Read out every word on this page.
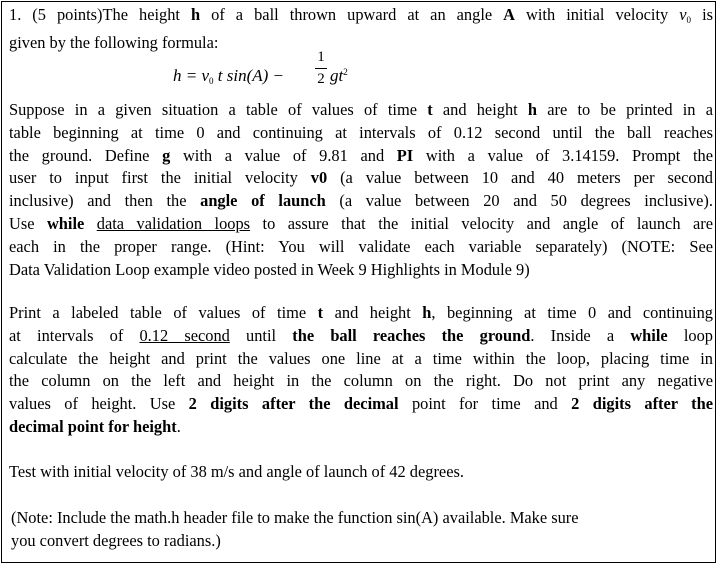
1. (5 points)The height h of a ball thrown upward at an angle A with initial velocity $v_0$ is
given by the following formula:
$h = v_0$ t sin(A) −
1
2 $gt^2$
Suppose in a given situation a table of values of time t and height h are to be printed in a
table beginning at time 0 and continuing at intervals of 0.12 second until the ball reaches
the ground. Define g with a value of 9.81 and PI with a value of 3.14159. Prompt the
user to input first the initial velocity v0 (a value between 10 and 40 meters per second
inclusive) and then the angle of launch (a value between 20 and 50 degrees inclusive).
Use while data validation loops to assure that the initial velocity and angle of launch are
each in the proper range. (Hint: You will validate each variable separately) (NOTE: See
Data Validation Loop example video posted in Week 9 Highlights in Module 9)
Print a labeled table of values of time t and height h, beginning at time 0 and continuing
at intervals of 0.12 second until the ball reaches the ground. Inside a while loop
calculate the height and print the values one line at a time within the loop, placing time in
the column on the left and height in the column on the right. Do not print any negative
values of height. Use 2 digits after the decimal point for time and 2 digits after the
decimal point for height.
Test with initial velocity of 38 m/s and angle of launch of 42 degrees.
(Note: Include the math.h header file to make the function sin(A) available. Make sure
you convert degrees to radians.)
